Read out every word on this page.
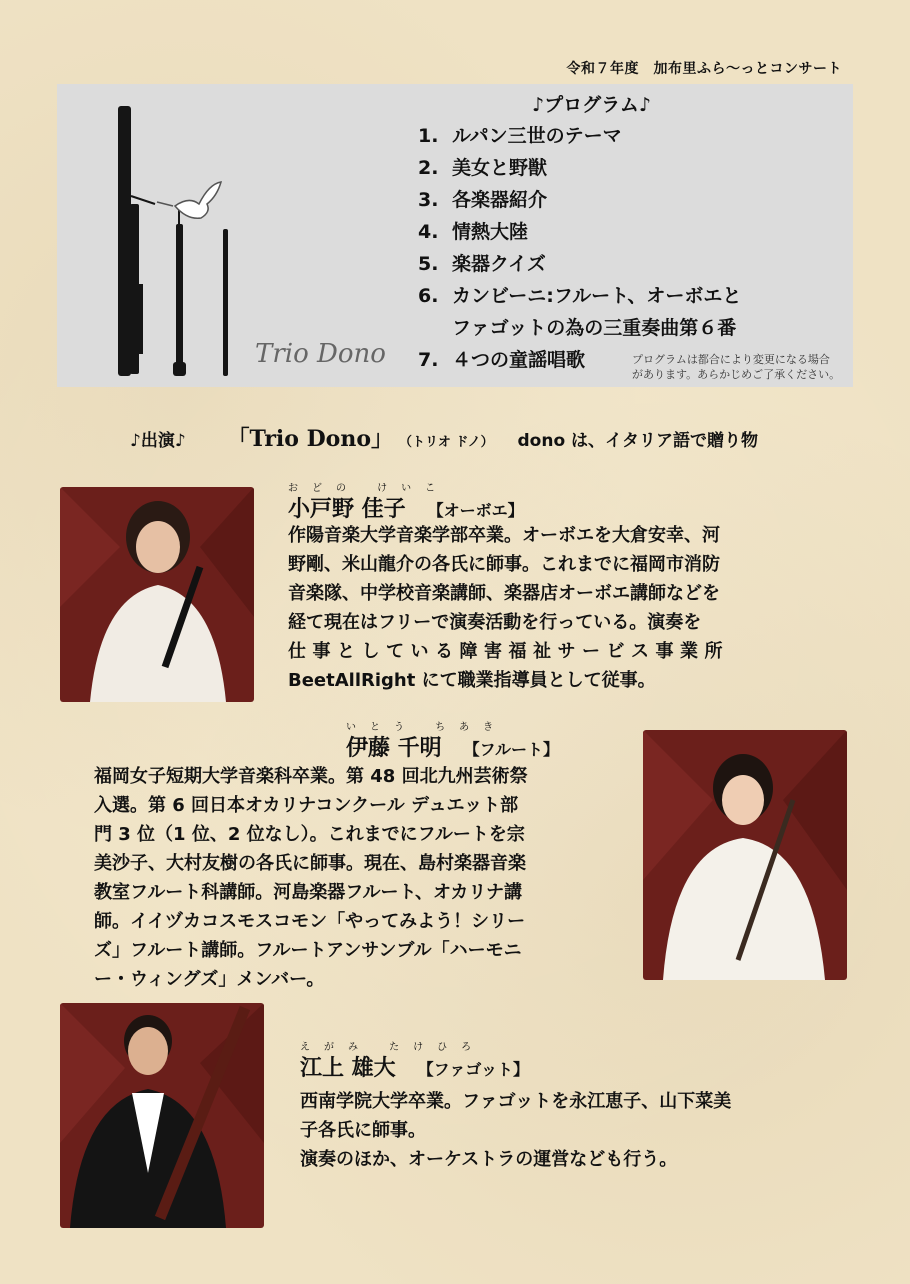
令和７年度　加布里ふら～っとコンサート
Trio Dono
♪プログラム♪
1. ルパン三世のテーマ
2. 美女と野獣
3. 各楽器紹介
4. 情熱大陸
5. 楽器クイズ
6. カンビーニ:フルート、オーボエと
ファゴットの為の三重奏曲第６番
7. ４つの童謡唱歌	プログラムは都合により変更になる場合
があります。あらかじめご了承ください。
♪出演♪ 「Trio Dono」 （トリオ ドノ） dono は、イタリア語で贈り物
おどの けいこ
小戸野 佳子 【オーボエ】
作陽音楽大学音楽学部卒業。オーボエを大倉安幸、河
野剛、米山龍介の各氏に師事。これまでに福岡市消防
音楽隊、中学校音楽講師、楽器店オーボエ講師などを
経て現在はフリーで演奏活動を行っている。演奏を
仕事としている障害福祉サービス事業所
BeetAllRight にて職業指導員として従事。
いとう ちあき
伊藤 千明 【フルート】
福岡女子短期大学音楽科卒業。第 48 回北九州芸術祭
入選。第 6 回日本オカリナコンクール デュエット部
門 3 位（1 位、2 位なし）。これまでにフルートを宗
美沙子、大村友樹の各氏に師事。現在、島村楽器音楽
教室フルート科講師。河島楽器フルート、オカリナ講
師。イイヅカコスモスコモン「やってみよう！シリー
ズ」フルート講師。フルートアンサンブル「ハーモニ
ー・ウィングズ」メンバー。
えがみ たけひろ
江上 雄大 【ファゴット】
西南学院大学卒業。ファゴットを永江恵子、山下菜美
子各氏に師事。
演奏のほか、オーケストラの運営なども行う。
